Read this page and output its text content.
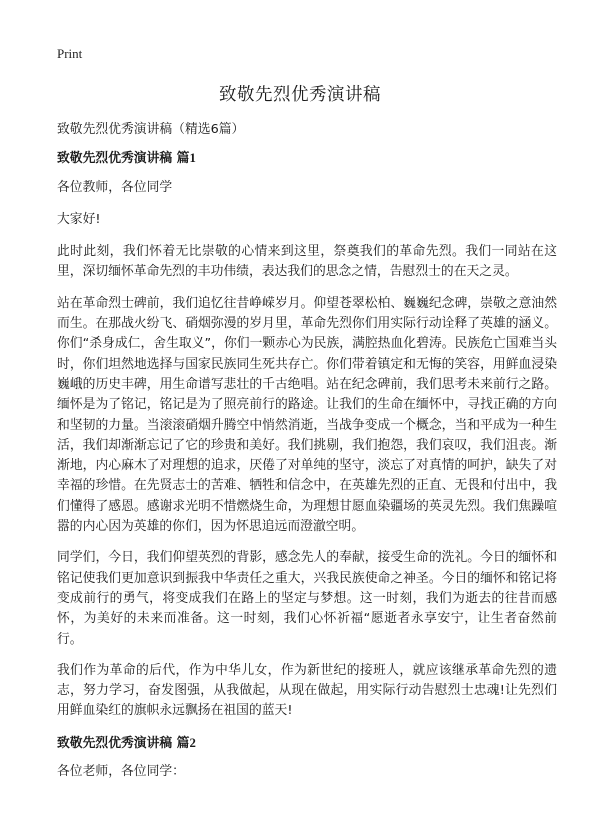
Print
致敬先烈优秀演讲稿

致敬先烈优秀演讲稿（精选6篇）

致敬先烈优秀演讲稿 篇1

各位教师，各位同学

大家好!

此时此刻，我们怀着无比崇敬的心情来到这里，祭奠我们的革命先烈。我们一同站在这里，深切缅怀革命先烈的丰功伟绩，表达我们的思念之情，告慰烈士的在天之灵。

站在革命烈士碑前，我们追忆往昔峥嵘岁月。仰望苍翠松柏、巍巍纪念碑，崇敬之意油然而生。在那战火纷飞、硝烟弥漫的岁月里，革命先烈你们用实际行动诠释了英雄的涵义。你们“杀身成仁，舍生取义”，你们一颗赤心为民族，满腔热血化碧涛。民族危亡国难当头时，你们坦然地选择与国家民族同生死共存亡。你们带着镇定和无悔的笑容，用鲜血浸染巍峨的历史丰碑，用生命谱写悲壮的千古绝唱。站在纪念碑前，我们思考未来前行之路。缅怀是为了铭记，铭记是为了照亮前行的路途。让我们的生命在缅怀中，寻找正确的方向和坚韧的力量。当滚滚硝烟升腾空中悄然消逝，当战争变成一个概念，当和平成为一种生活，我们却渐渐忘记了它的珍贵和美好。我们挑剔，我们抱怨，我们哀叹，我们沮丧。渐渐地，内心麻木了对理想的追求，厌倦了对单纯的坚守，淡忘了对真情的呵护，缺失了对幸福的珍惜。在先贤志士的苦难、牺牲和信念中，在英雄先烈的正直、无畏和付出中，我们懂得了感恩。感谢求光明不惜燃烧生命，为理想甘愿血染疆场的英灵先烈。我们焦躁喧嚣的内心因为英雄的你们，因为怀思追远而澄澈空明。

同学们，今日，我们仰望英烈的背影，感念先人的奉献，接受生命的洗礼。今日的缅怀和铭记使我们更加意识到振我中华责任之重大，兴我民族使命之神圣。今日的缅怀和铭记将变成前行的勇气，将变成我们在路上的坚定与梦想。这一时刻，我们为逝去的往昔而感怀，为美好的未来而准备。这一时刻，我们心怀祈福“愿逝者永享安宁，让生者奋然前行。

我们作为革命的后代，作为中华儿女，作为新世纪的接班人，就应该继承革命先烈的遗志，努力学习，奋发图强，从我做起，从现在做起，用实际行动告慰烈士忠魂!让先烈们用鲜血染红的旗帜永远飘扬在祖国的蓝天!

致敬先烈优秀演讲稿 篇2

各位老师，各位同学：
